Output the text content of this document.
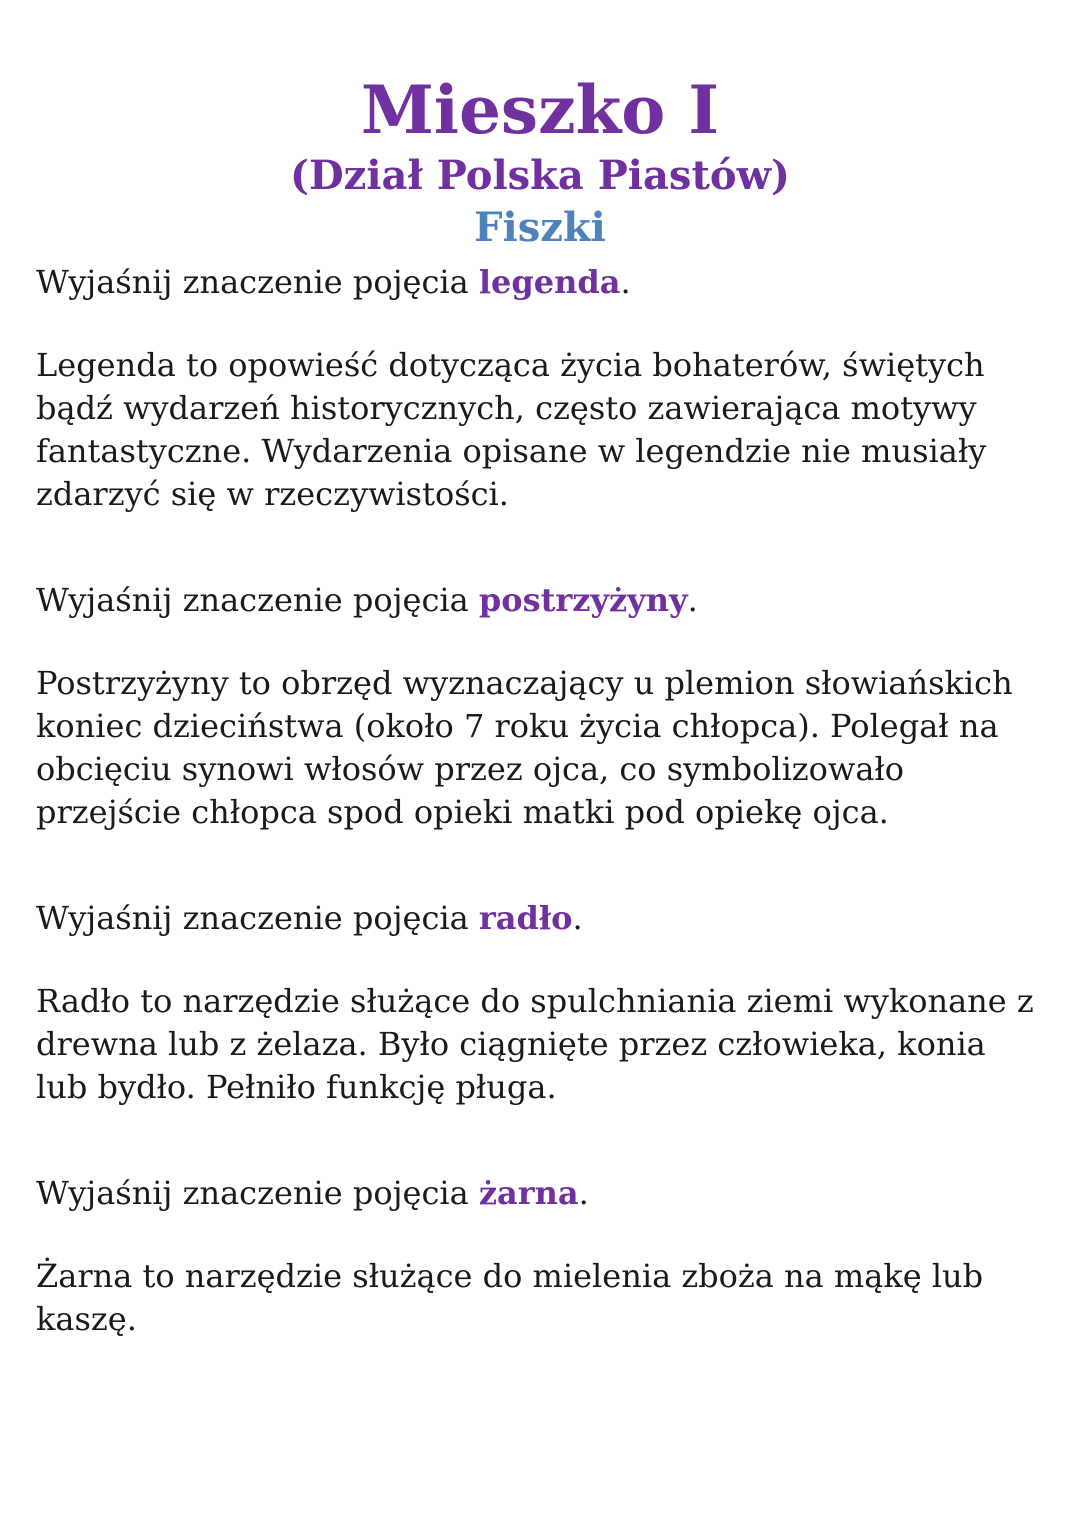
Mieszko I
(Dział Polska Piastów)
Fiszki

Wyjaśnij znaczenie pojęcia legenda.

Legenda to opowieść dotycząca życia bohaterów, świętych bądź wydarzeń historycznych, często zawierająca motywy fantastyczne. Wydarzenia opisane w legendzie nie musiały zdarzyć się w rzeczywistości.

Wyjaśnij znaczenie pojęcia postrzyżyny.

Postrzyżyny to obrzęd wyznaczający u plemion słowiańskich koniec dzieciństwa (około 7 roku życia chłopca). Polegał na obcięciu synowi włosów przez ojca, co symbolizowało przejście chłopca spod opieki matki pod opiekę ojca.

Wyjaśnij znaczenie pojęcia radło.

Radło to narzędzie służące do spulchniania ziemi wykonane z drewna lub z żelaza. Było ciągnięte przez człowieka, konia lub bydło. Pełniło funkcję pługa.

Wyjaśnij znaczenie pojęcia żarna.

Żarna to narzędzie służące do mielenia zboża na mąkę lub kaszę.
